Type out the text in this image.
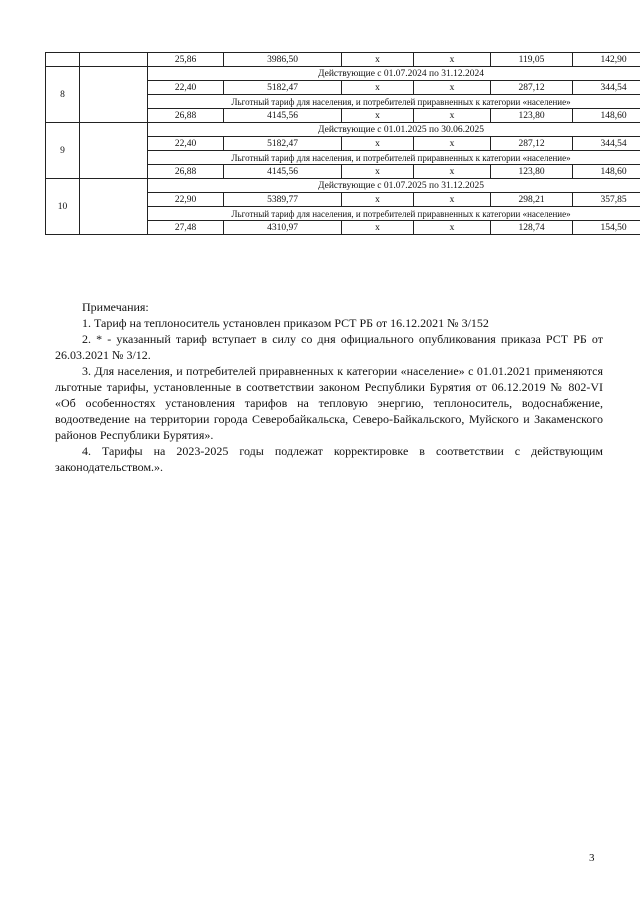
		25,86	3986,50	x	x	119,05	142,90
8		Действующие с 01.07.2024 по 31.12.2024					
		22,40	5182,47	x	x	287,12	344,54
		Льготный тариф для населения, и потребителей приравненных к категории «население»					
		26,88	4145,56	x	x	123,80	148,60
9		Действующие с 01.01.2025 по 30.06.2025					
		22,40	5182,47	x	x	287,12	344,54
		Льготный тариф для населения, и потребителей приравненных к категории «население»					
		26,88	4145,56	x	x	123,80	148,60
10		Действующие с 01.07.2025 по 31.12.2025					
		22,90	5389,77	x	x	298,21	357,85
		Льготный тариф для населения, и потребителей приравненных к категории «население»					
		27,48	4310,97	x	x	128,74	154,50

Примечания:

1. Тариф на теплоноситель установлен приказом РСТ РБ от 16.12.2021 № 3/152

2. * - указанный тариф вступает в силу со дня официального опубликования приказа РСТ РБ от 26.03.2021 № 3/12.

3. Для населения, и потребителей приравненных к категории «население» с 01.01.2021 применяются льготные тарифы, установленные в соответствии законом Республики Бурятия от 06.12.2019 № 802-VI «Об особенностях установления тарифов на тепловую энергию, теплоноситель, водоснабжение, водоотведение на территории города Северобайкальска, Северо-Байкальского, Муйского и Закаменского районов Республики Бурятия».

4. Тарифы на 2023-2025 годы подлежат корректировке в соответствии с действующим законодательством.».

3
